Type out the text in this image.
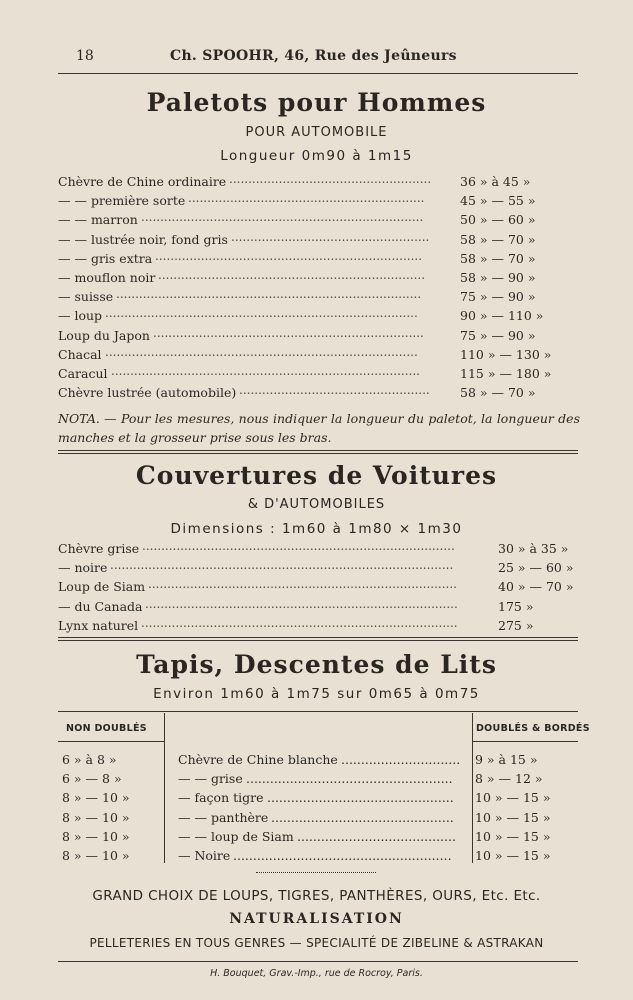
18	Ch. SPOOHR, 46, Rue des Jeûneurs
Paletots pour Hommes
POUR AUTOMOBILE
Longueur 0m90 à 1m15
Chèvre de Chine ordinaire .....................................................	36 » à 45 »
— — première sorte ..............................................................	45 » — 55 »
— — marron ..........................................................................	50 » — 60 »
— — lustrée noir, fond gris ....................................................	58 » — 70 »
— — gris extra ......................................................................	58 » — 70 »
— mouflon noir ......................................................................	58 » — 90 »
— suisse ................................................................................	75 » — 90 »
— loup ..................................................................................	90 » — 110 »
Loup du Japon .......................................................................	75 » — 90 »
Chacal ..................................................................................	110 » — 130 »
Caracul .................................................................................	115 » — 180 »
Chèvre lustrée (automobile) ..................................................	58 » — 70 »
NOTA. — Pour les mesures, nous indiquer la longueur du paletot, la longueur des manches et la grosseur prise sous les bras.
Couvertures de Voitures
& D'AUTOMOBILES
Dimensions : 1m60 à 1m80 × 1m30
Chèvre grise ..................................................................................	30 » à 35 »
— noire ..........................................................................................	25 » — 60 »
Loup de Siam .................................................................................	40 » — 70 »
— du Canada ..................................................................................	175 »
Lynx naturel ...................................................................................	275 »
Tapis, Descentes de Lits
Environ 1m60 à 1m75 sur 0m65 à 0m75
NON DOUBLÉS	DOUBLÉS & BORDÉS
6 » à 8 »	Chèvre de Chine blanche	9 » à 15 »
..............................
6 » — 8 »	— — grise	8 » — 12 »
....................................................
8 » — 10 »	— façon tigre	10 » — 15 »
...............................................
8 » — 10 »	— — panthère	10 » — 15 »
..............................................
8 » — 10 »	— — loup de Siam	10 » — 15 »
........................................
8 » — 10 »	— Noire	10 » — 15 »
.......................................................
GRAND CHOIX DE LOUPS, TIGRES, PANTHÈRES, OURS, Etc. Etc.
NATURALISATION
PELLETERIES EN TOUS GENRES — SPECIALITÉ DE ZIBELINE & ASTRAKAN
H. Bouquet, Grav.-Imp., rue de Rocroy, Paris.
